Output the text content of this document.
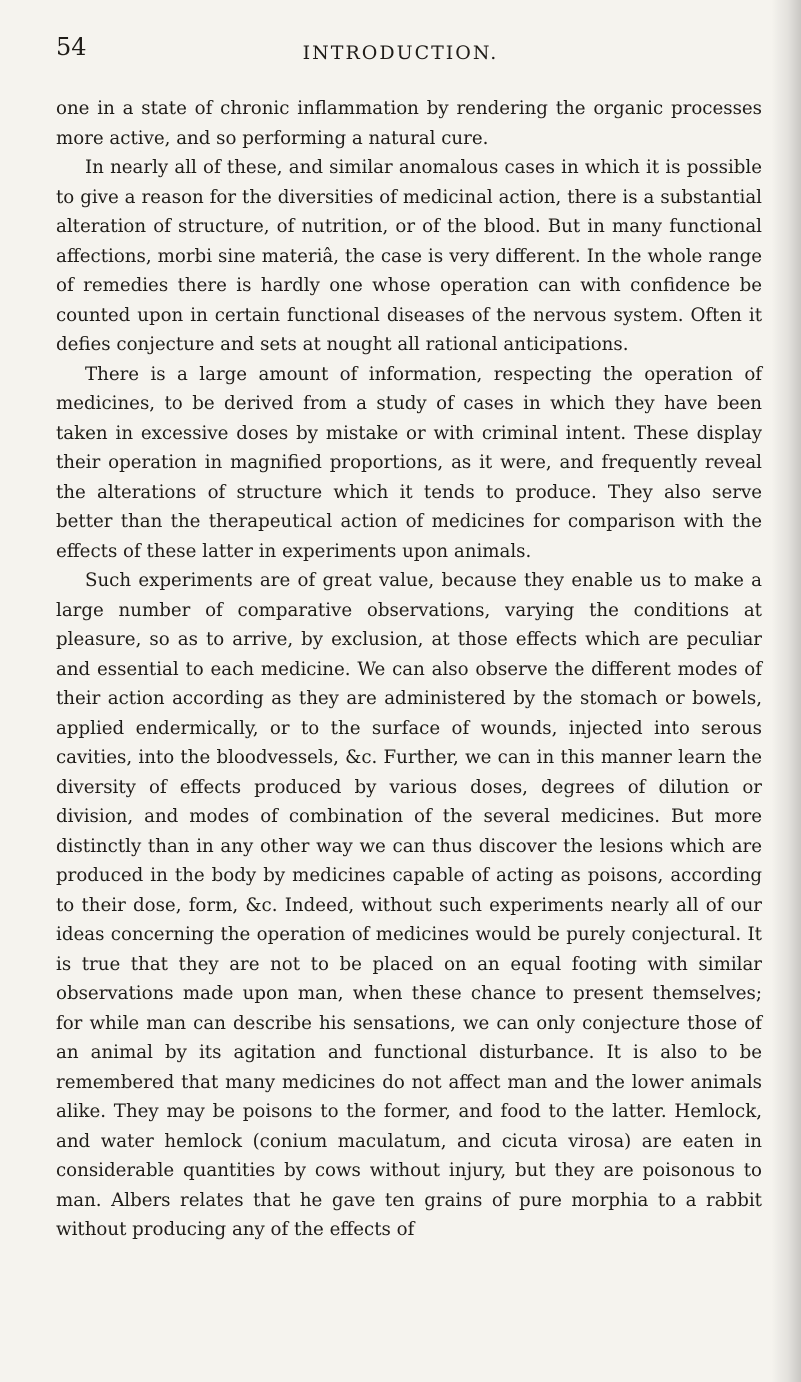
54	INTRODUCTION.

one in a state of chronic inflammation by rendering the organic processes more active, and so performing a natural cure.

In nearly all of these, and similar anomalous cases in which it is possible to give a reason for the diversities of medicinal action, there is a substantial alteration of structure, of nutrition, or of the blood. But in many functional affections, morbi sine materiâ, the case is very different. In the whole range of remedies there is hardly one whose operation can with confidence be counted upon in certain functional diseases of the nervous system. Often it defies conjecture and sets at nought all rational anticipations.

There is a large amount of information, respecting the operation of medicines, to be derived from a study of cases in which they have been taken in excessive doses by mistake or with criminal intent. These display their operation in magnified proportions, as it were, and frequently reveal the alterations of structure which it tends to produce. They also serve better than the therapeutical action of medicines for comparison with the effects of these latter in experiments upon animals.

Such experiments are of great value, because they enable us to make a large number of comparative observations, varying the conditions at pleasure, so as to arrive, by exclusion, at those effects which are peculiar and essential to each medicine. We can also observe the different modes of their action according as they are administered by the stomach or bowels, applied endermically, or to the surface of wounds, injected into serous cavities, into the bloodvessels, &c. Further, we can in this manner learn the diversity of effects produced by various doses, degrees of dilution or division, and modes of combination of the several medicines. But more distinctly than in any other way we can thus discover the lesions which are produced in the body by medicines capable of acting as poisons, according to their dose, form, &c. Indeed, without such experiments nearly all of our ideas concerning the operation of medicines would be purely conjectural. It is true that they are not to be placed on an equal footing with similar observations made upon man, when these chance to present themselves; for while man can describe his sensations, we can only conjecture those of an animal by its agitation and functional disturbance. It is also to be remembered that many medicines do not affect man and the lower animals alike. They may be poisons to the former, and food to the latter. Hemlock, and water hemlock (conium maculatum, and cicuta virosa) are eaten in considerable quantities by cows without injury, but they are poisonous to man. Albers relates that he gave ten grains of pure morphia to a rabbit without producing any of the effects of
